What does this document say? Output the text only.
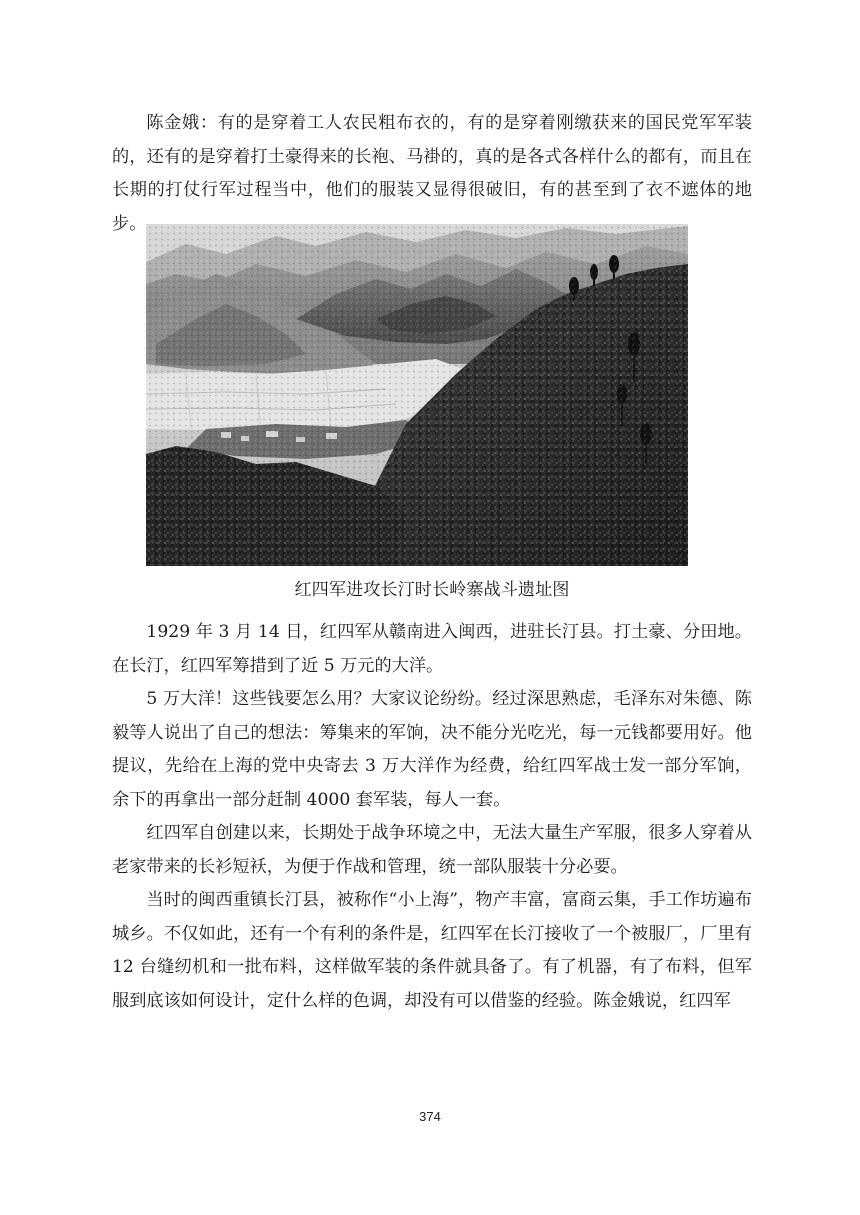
陈金娥：有的是穿着工人农民粗布衣的，有的是穿着刚缴获来的国民党军军装的，还有的是穿着打土豪得来的长袍、马褂的，真的是各式各样什么的都有，而且在长期的打仗行军过程当中，他们的服装又显得很破旧，有的甚至到了衣不遮体的地步。

红四军进攻长汀时长岭寨战斗遗址图

1929 年 3 月 14 日，红四军从赣南进入闽西，进驻长汀县。打土豪、分田地。在长汀，红四军筹措到了近 5 万元的大洋。

5 万大洋！这些钱要怎么用？大家议论纷纷。经过深思熟虑，毛泽东对朱德、陈毅等人说出了自己的想法：筹集来的军饷，决不能分光吃光，每一元钱都要用好。他提议，先给在上海的党中央寄去 3 万大洋作为经费，给红四军战士发一部分军饷，余下的再拿出一部分赶制 4000 套军装，每人一套。

红四军自创建以来，长期处于战争环境之中，无法大量生产军服，很多人穿着从老家带来的长衫短袄，为便于作战和管理，统一部队服装十分必要。

当时的闽西重镇长汀县，被称作“小上海”，物产丰富，富商云集，手工作坊遍布城乡。不仅如此，还有一个有利的条件是，红四军在长汀接收了一个被服厂，厂里有 12 台缝纫机和一批布料，这样做军装的条件就具备了。有了机器，有了布料，但军服到底该如何设计，定什么样的色调，却没有可以借鉴的经验。陈金娥说，红四军

374
